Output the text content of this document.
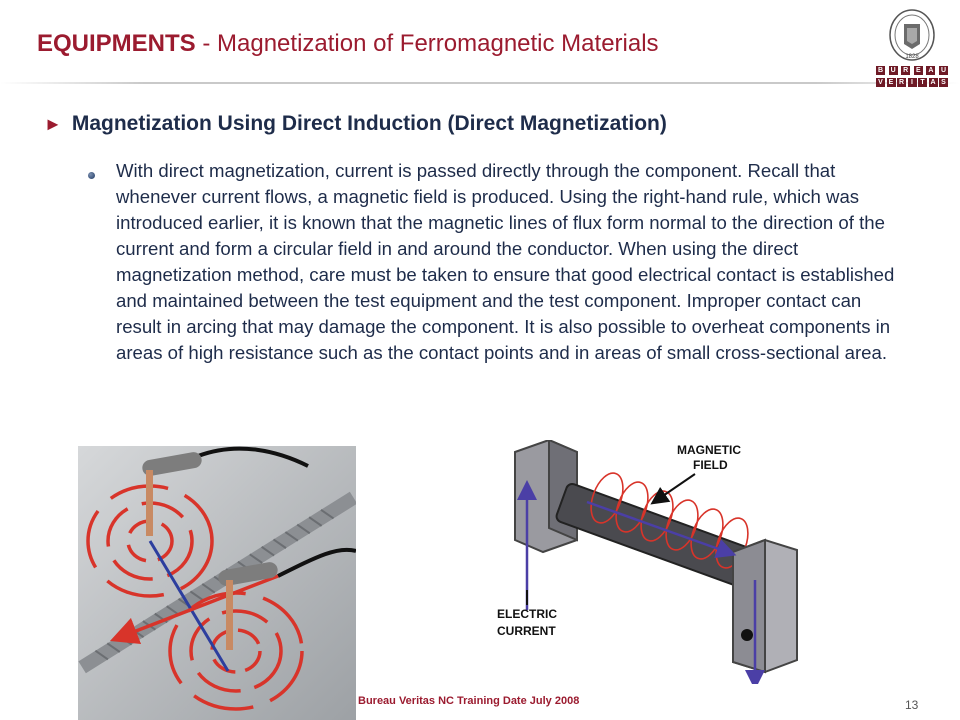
EQUIPMENTS - Magnetization of Ferromagnetic Materials	1828
B U R	E	A U
V E R I	T A S
► Magnetization Using Direct Induction (Direct Magnetization)
With direct magnetization, current is passed directly through the component. Recall that whenever current flows, a magnetic field is produced. Using the right-hand rule, which was introduced earlier, it is known that the magnetic lines of flux form normal to the direction of the current and form a circular field in and around the conductor. When using the direct magnetization method, care must be taken to ensure that good electrical contact is established and maintained between the test equipment and the test component. Improper contact can result in arcing that may damage the component. It is also possible to overheat components in areas of high resistance such as the contact points and in areas of small cross-sectional area.
MAGNETIC
FIELD
ELECTRIC
CURRENT
Bureau Veritas NC Training Date July 2008	13
